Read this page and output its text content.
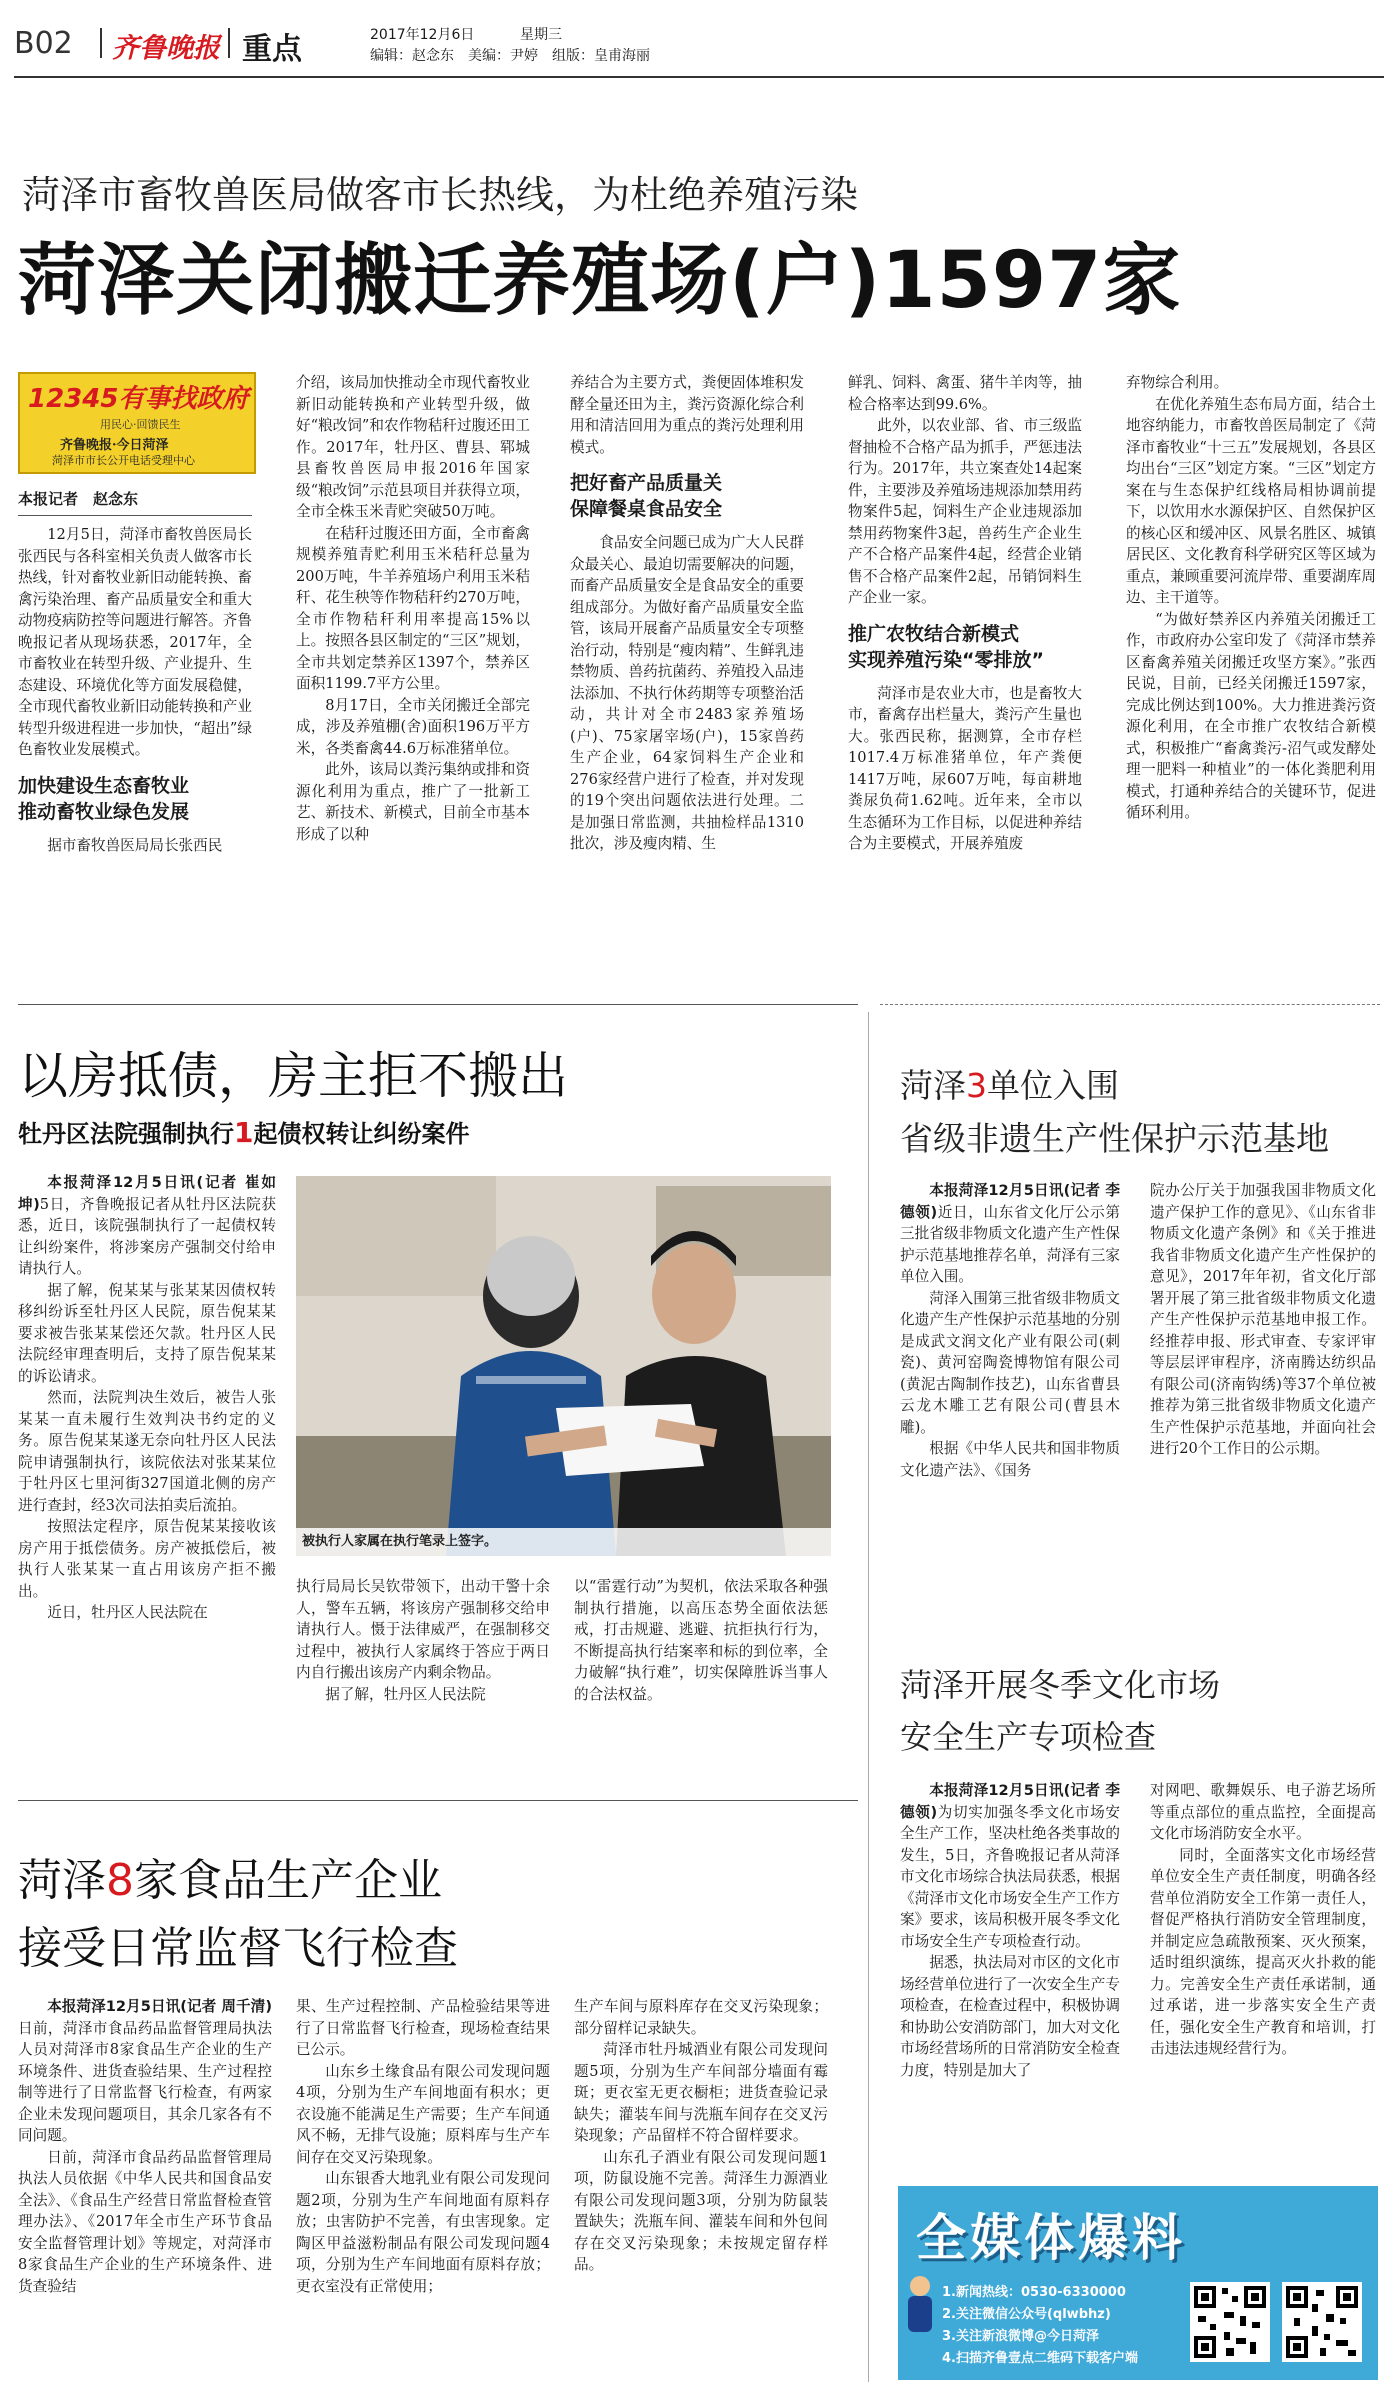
B02 齐鲁晚报 重点	2017年12月6日	星期三
编辑：赵念东　美编：尹婷　组版：皇甫海丽
菏泽市畜牧兽医局做客市长热线，为杜绝养殖污染
菏泽关闭搬迁养殖场(户)1597家
12345有事找政府
用民心·回馈民生
齐鲁晚报·今日菏泽
菏泽市市长公开电话受理中心
本报记者　赵念东

12月5日，菏泽市畜牧兽医局长张西民与各科室相关负责人做客市长热线，针对畜牧业新旧动能转换、畜禽污染治理、畜产品质量安全和重大动物疫病防控等问题进行解答。齐鲁晚报记者从现场获悉，2017年，全市畜牧业在转型升级、产业提升、生态建设、环境优化等方面发展稳健，全市现代畜牧业新旧动能转换和产业转型升级进程进一步加快，“超出”绿色畜牧业发展模式。

加快建设生态畜牧业
推动畜牧业绿色发展

据市畜牧兽医局局长张西民

介绍，该局加快推动全市现代畜牧业新旧动能转换和产业转型升级，做好“粮改饲”和农作物秸秆过腹还田工作。2017年，牡丹区、曹县、郓城县畜牧兽医局申报2016年国家级“粮改饲”示范县项目并获得立项，全市全株玉米青贮突破50万吨。

在秸秆过腹还田方面，全市畜禽规模养殖青贮利用玉米秸秆总量为200万吨，牛羊养殖场户利用玉米秸秆、花生秧等作物秸秆约270万吨，全市作物秸秆利用率提高15%以上。按照各县区制定的“三区”规划，全市共划定禁养区1397个，禁养区面积1199.7平方公里。

8月17日，全市关闭搬迁全部完成，涉及养殖棚(舍)面积196万平方米，各类畜禽44.6万标准猪单位。

此外，该局以粪污集纳或排和资源化利用为重点，推广了一批新工艺、新技术、新模式，目前全市基本形成了以种

养结合为主要方式，粪便固体堆积发酵全量还田为主，粪污资源化综合利用和清洁回用为重点的粪污处理利用模式。

把好畜产品质量关
保障餐桌食品安全

食品安全问题已成为广大人民群众最关心、最迫切需要解决的问题，而畜产品质量安全是食品安全的重要组成部分。为做好畜产品质量安全监管，该局开展畜产品质量安全专项整治行动，特别是“瘦肉精”、生鲜乳违禁物质、兽药抗菌药、养殖投入品违法添加、不执行休药期等专项整治活动，共计对全市2483家养殖场(户)、75家屠宰场(户)，15家兽药生产企业，64家饲料生产企业和276家经营户进行了检查，并对发现的19个突出问题依法进行处理。二是加强日常监测，共抽检样品1310批次，涉及瘦肉精、生

鲜乳、饲料、禽蛋、猪牛羊肉等，抽检合格率达到99.6%。

此外，以农业部、省、市三级监督抽检不合格产品为抓手，严惩违法行为。2017年，共立案查处14起案件，主要涉及养殖场违规添加禁用药物案件5起，饲料生产企业违规添加禁用药物案件3起，兽药生产企业生产不合格产品案件4起，经营企业销售不合格产品案件2起，吊销饲料生产企业一家。

推广农牧结合新模式
实现养殖污染“零排放”

菏泽市是农业大市，也是畜牧大市，畜禽存出栏量大，粪污产生量也大。张西民称，据测算，全市存栏1017.4万标准猪单位，年产粪便1417万吨，尿607万吨，每亩耕地粪尿负荷1.62吨。近年来，全市以生态循环为工作目标，以促进种养结合为主要模式，开展养殖废

弃物综合利用。

在优化养殖生态布局方面，结合土地容纳能力，市畜牧兽医局制定了《菏泽市畜牧业“十三五”发展规划，各县区均出台“三区”划定方案。“三区”划定方案在与生态保护红线格局相协调前提下，以饮用水水源保护区、自然保护区的核心区和缓冲区、风景名胜区、城镇居民区、文化教育科学研究区等区域为重点，兼顾重要河流岸带、重要湖库周边、主干道等。

“为做好禁养区内养殖关闭搬迁工作，市政府办公室印发了《菏泽市禁养区畜禽养殖关闭搬迁攻坚方案》。”张西民说，目前，已经关闭搬迁1597家，完成比例达到100%。大力推进粪污资源化利用，在全市推广农牧结合新模式，积极推广“畜禽粪污-沼气或发酵处理一肥料一种植业”的一体化粪肥利用模式，打通种养结合的关键环节，促进循环利用。

以房抵债，房主拒不搬出
牡丹区法院强制执行1起债权转让纠纷案件

本报菏泽12月5日讯(记者 崔如坤)5日，齐鲁晚报记者从牡丹区法院获悉，近日，该院强制执行了一起债权转让纠纷案件，将涉案房产强制交付给申请执行人。

据了解，倪某某与张某某因债权转移纠纷诉至牡丹区人民院，原告倪某某要求被告张某某偿还欠款。牡丹区人民法院经审理查明后，支持了原告倪某某的诉讼请求。

然而，法院判决生效后，被告人张某某一直未履行生效判决书约定的义务。原告倪某某遂无奈向牡丹区人民法院申请强制执行，该院依法对张某某位于牡丹区七里河街327国道北侧的房产进行查封，经3次司法拍卖后流拍。

按照法定程序，原告倪某某接收该房产用于抵偿债务。房产被抵偿后，被执行人张某某一直占用该房产拒不搬出。

近日，牡丹区人民法院在

被执行人家属在执行笔录上签字。

执行局局长吴钦带领下，出动干警十余人，警车五辆，将该房产强制移交给申请执行人。慑于法律威严，在强制移交过程中，被执行人家属终于答应于两日内自行搬出该房产内剩余物品。

据了解，牡丹区人民法院

以“雷霆行动”为契机，依法采取各种强制执行措施，以高压态势全面依法惩戒，打击规避、逃避、抗拒执行行为，不断提高执行结案率和标的到位率，全力破解“执行难”，切实保障胜诉当事人的合法权益。

菏泽3单位入围
省级非遗生产性保护示范基地

本报菏泽12月5日讯(记者 李德领)近日，山东省文化厅公示第三批省级非物质文化遗产生产性保护示范基地推荐名单，菏泽有三家单位入围。

菏泽入围第三批省级非物质文化遗产生产性保护示范基地的分别是成武文润文化产业有限公司(刺瓷)、黄河窑陶瓷博物馆有限公司(黄泥古陶制作技艺)，山东省曹县云龙木雕工艺有限公司(曹县木雕)。

根据《中华人民共和国非物质文化遗产法》、《国务

院办公厅关于加强我国非物质文化遗产保护工作的意见》、《山东省非物质文化遗产条例》和《关于推进我省非物质文化遗产生产性保护的意见》，2017年年初，省文化厅部署开展了第三批省级非物质文化遗产生产性保护示范基地申报工作。经推荐申报、形式审查、专家评审等层层评审程序，济南腾达纺织品有限公司(济南钩绣)等37个单位被推荐为第三批省级非物质文化遗产生产性保护示范基地，并面向社会进行20个工作日的公示期。

菏泽开展冬季文化市场
安全生产专项检查

本报菏泽12月5日讯(记者 李德领)为切实加强冬季文化市场安全生产工作，坚决杜绝各类事故的发生，5日，齐鲁晚报记者从菏泽市文化市场综合执法局获悉，根据《菏泽市文化市场安全生产工作方案》要求，该局积极开展冬季文化市场安全生产专项检查行动。

据悉，执法局对市区的文化市场经营单位进行了一次安全生产专项检查，在检查过程中，积极协调和协助公安消防部门，加大对文化市场经营场所的日常消防安全检查力度，特别是加大了

对网吧、歌舞娱乐、电子游艺场所等重点部位的重点监控，全面提高文化市场消防安全水平。

同时，全面落实文化市场经营单位安全生产责任制度，明确各经营单位消防安全工作第一责任人，督促严格执行消防安全管理制度，并制定应急疏散预案、灭火预案，适时组织演练，提高灭火扑救的能力。完善安全生产责任承诺制，通过承诺，进一步落实安全生产责任，强化安全生产教育和培训，打击违法违规经营行为。

菏泽8家食品生产企业
接受日常监督飞行检查

本报菏泽12月5日讯(记者 周千清)日前，菏泽市食品药品监督管理局执法人员对菏泽市8家食品生产企业的生产环境条件、进货查验结果、生产过程控制等进行了日常监督飞行检查，有两家企业未发现问题项目，其余几家各有不同问题。

日前，菏泽市食品药品监督管理局执法人员依据《中华人民共和国食品安全法》、《食品生产经营日常监督检查管理办法》、《2017年全市生产环节食品安全监督管理计划》等规定，对菏泽市8家食品生产企业的生产环境条件、进货查验结

果、生产过程控制、产品检验结果等进行了日常监督飞行检查，现场检查结果已公示。

山东乡土缘食品有限公司发现问题4项，分别为生产车间地面有积水；更衣设施不能满足生产需要；生产车间通风不畅，无排气设施；原料库与生产车间存在交叉污染现象。

山东银香大地乳业有限公司发现问题2项，分别为生产车间地面有原料存放；虫害防护不完善，有虫害现象。定陶区甲益滋粉制品有限公司发现问题4项，分别为生产车间地面有原料存放；更衣室没有正常使用；

生产车间与原料库存在交叉污染现象；部分留样记录缺失。

菏泽市牡丹城酒业有限公司发现问题5项，分别为生产车间部分墙面有霉斑；更衣室无更衣橱柜；进货查验记录缺失；灌装车间与洗瓶车间存在交叉污染现象；产品留样不符合留样要求。

山东孔子酒业有限公司发现问题1项，防鼠设施不完善。菏泽生力源酒业有限公司发现问题3项，分别为防鼠装置缺失；洗瓶车间、灌装车间和外包间存在交叉污染现象；未按规定留存样品。	全媒体爆料
1.新闻热线：0530-6330000
2.关注微信公众号(qlwbhz)
3.关注新浪微博@今日菏泽
4.扫描齐鲁壹点二维码下载客户端
